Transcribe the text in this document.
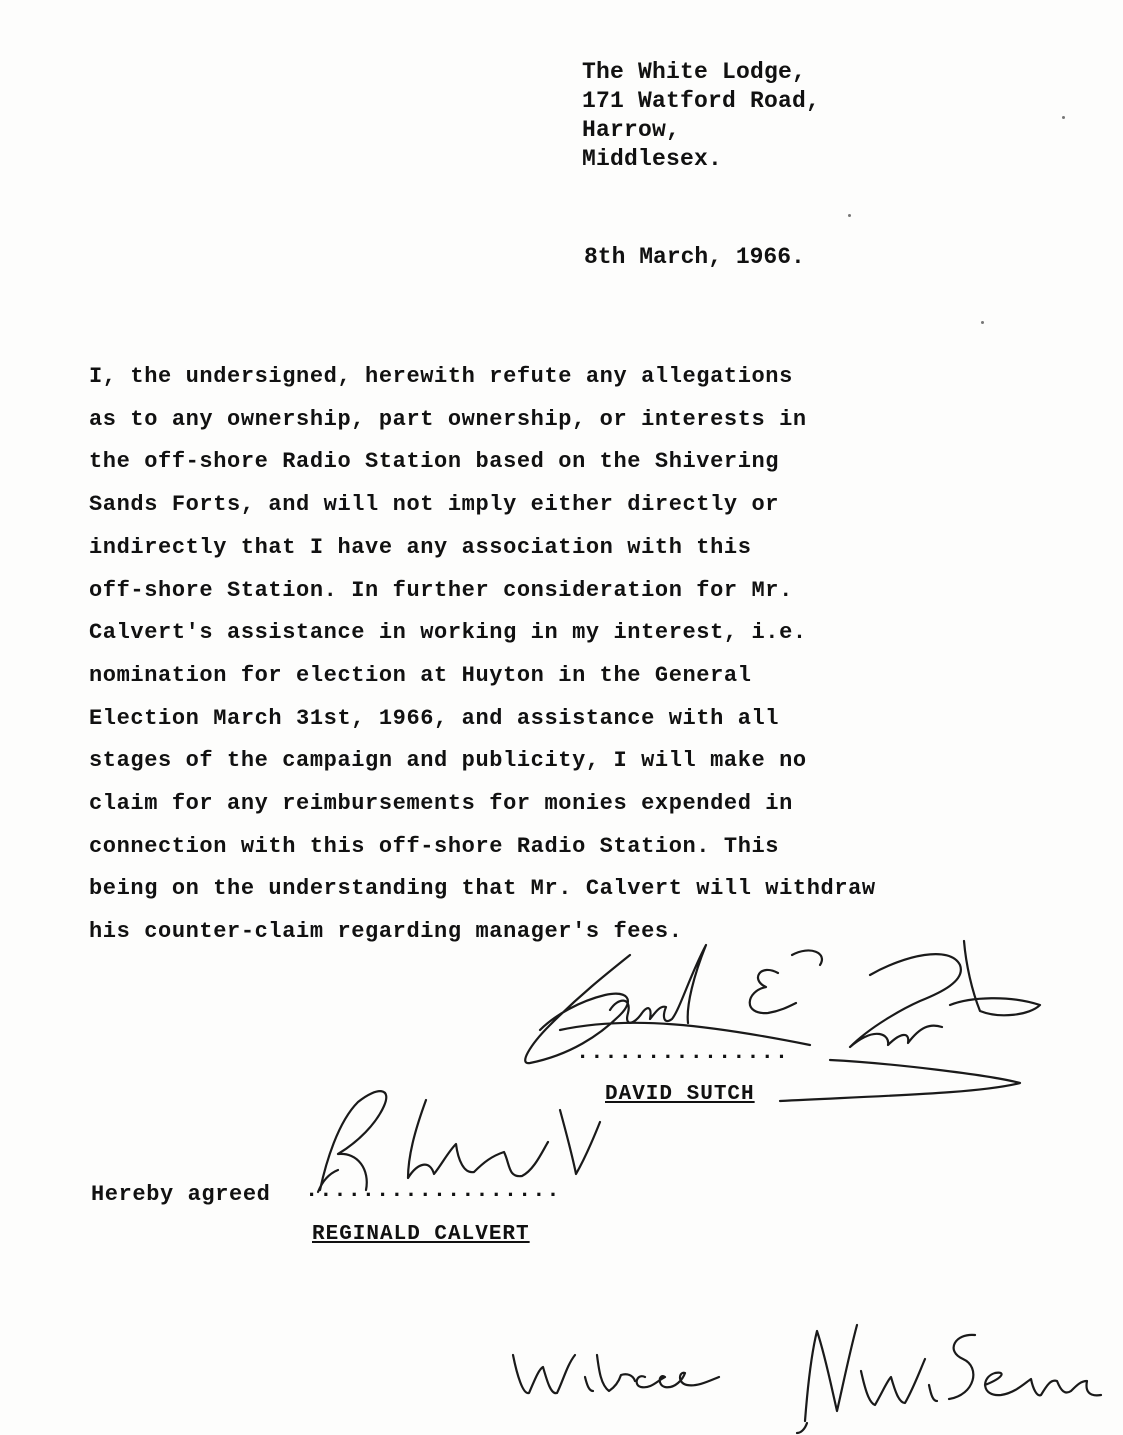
The White Lodge,
171 Watford Road,
Harrow,
Middlesex.
8th March, 1966.
I, the undersigned, herewith refute any allegations
as to any ownership, part ownership, or interests in
the off-shore Radio Station based on the Shivering
Sands Forts, and will not imply either directly or
indirectly that I have any association with this
off-shore Station. In further consideration for Mr.
Calvert's assistance in working in my interest, i.e.
nomination for election at Huyton in the General
Election March 31st, 1966, and assistance with all
stages of the campaign and publicity, I will make no
claim for any reimbursements for monies expended in
connection with this off-shore Radio Station. This
being on the understanding that Mr. Calvert will withdraw
his counter-claim regarding manager's fees.
...............
DAVID SUTCH
Hereby agreed ..................
REGINALD CALVERT
